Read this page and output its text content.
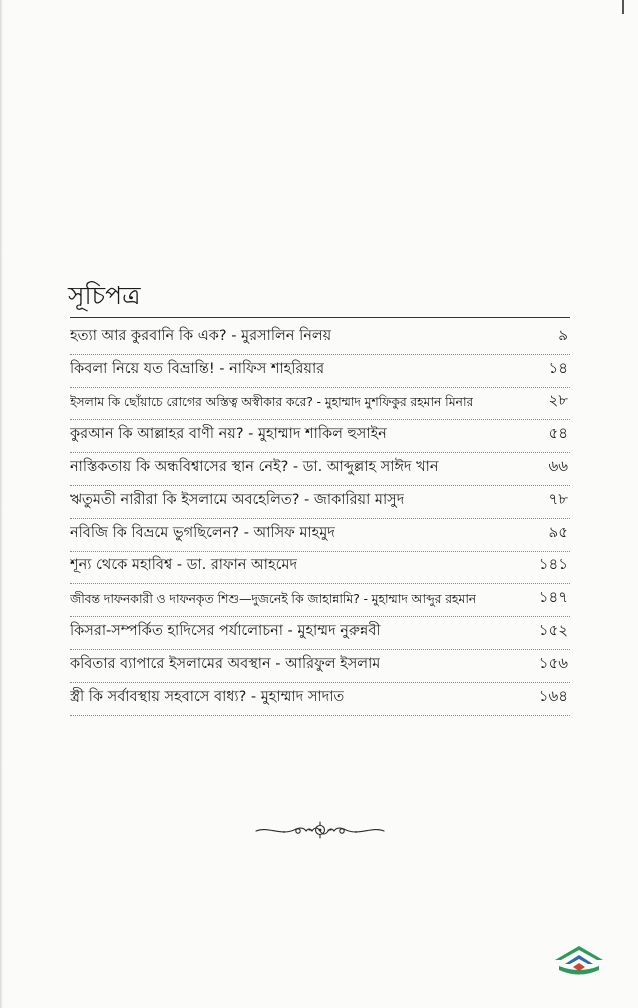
সূচিপত্র
হত্যা আর কুরবানি কি এক? - মুরসালিন নিলয়	৯
কিবলা নিয়ে যত বিভ্রান্তি! - নাফিস শাহরিয়ার	১৪
ইসলাম কি ছোঁয়াচে রোগের অস্তিত্ব অস্বীকার করে? - মুহাম্মাদ মুশফিকুর রহমান মিনার	২৮
কুরআন কি আল্লাহর বাণী নয়? - মুহাম্মাদ শাকিল হুসাইন	৫৪
নাস্তিকতায় কি অন্ধবিশ্বাসের স্থান নেই? - ডা. আব্দুল্লাহ সাঈদ খান	৬৬
ঋতুমতী নারীরা কি ইসলামে অবহেলিত? - জাকারিয়া মাসুদ	৭৮
নবিজি কি বিভ্রমে ভুগছিলেন? - আসিফ মাহমুদ	৯৫
শূন্য থেকে মহাবিশ্ব - ডা. রাফান আহমেদ	১৪১
জীবন্ত দাফনকারী ও দাফনকৃত শিশু—দুজনেই কি জাহান্নামি? - মুহাম্মাদ আব্দুর রহমান	১৪৭
কিসরা-সম্পর্কিত হাদিসের পর্যালোচনা - মুহাম্মদ নুরুন্নবী	১৫২
কবিতার ব্যাপারে ইসলামের অবস্থান - আরিফুল ইসলাম	১৫৬
স্ত্রী কি সর্বাবস্থায় সহবাসে বাধ্য? - মুহাম্মাদ সাদাত	১৬৪
